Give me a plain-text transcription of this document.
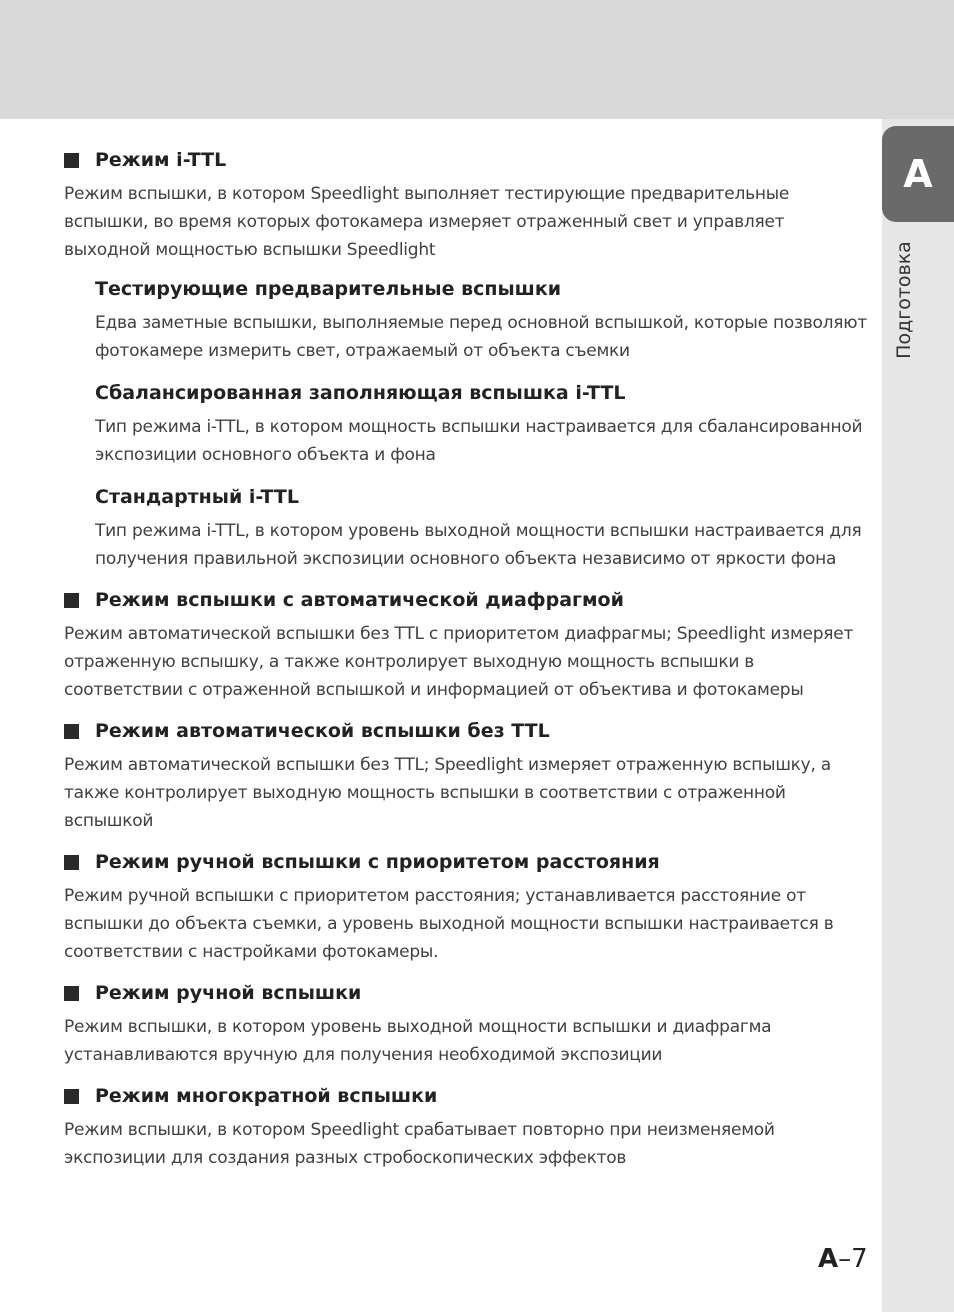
A
Подготовка
Режим i-TTL

Режим вспышки, в котором Speedlight выполняет тестирующие предварительные вспышки, во время которых фотокамера измеряет отраженный свет и управляет выходной мощностью вспышки Speedlight

Тестирующие предварительные вспышки

Едва заметные вспышки, выполняемые перед основной вспышкой, которые позволяют фотокамере измерить свет, отражаемый от объекта съемки

Сбалансированная заполняющая вспышка i-TTL

Тип режима i-TTL, в котором мощность вспышки настраивается для сбалансированной экспозиции основного объекта и фона

Стандартный i-TTL

Тип режима i-TTL, в котором уровень выходной мощности вспышки настраивается для получения правильной экспозиции основного объекта независимо от яркости фона

Режим вспышки с автоматической диафрагмой

Режим автоматической вспышки без TTL с приоритетом диафрагмы; Speedlight измеряет отраженную вспышку, а также контролирует выходную мощность вспышки в соответствии с отраженной вспышкой и информацией от объектива и фотокамеры

Режим автоматической вспышки без TTL

Режим автоматической вспышки без TTL; Speedlight измеряет отраженную вспышку, а также контролирует выходную мощность вспышки в соответствии с отраженной вспышкой

Режим ручной вспышки с приоритетом расстояния

Режим ручной вспышки с приоритетом расстояния; устанавливается расстояние от вспышки до объекта съемки, а уровень выходной мощности вспышки настраивается в соответствии с настройками фотокамеры.

Режим ручной вспышки

Режим вспышки, в котором уровень выходной мощности вспышки и диафрагма устанавливаются вручную для получения необходимой экспозиции

Режим многократной вспышки

Режим вспышки, в котором Speedlight срабатывает повторно при неизменяемой экспозиции для создания разных стробоскопических эффектов

A–7
